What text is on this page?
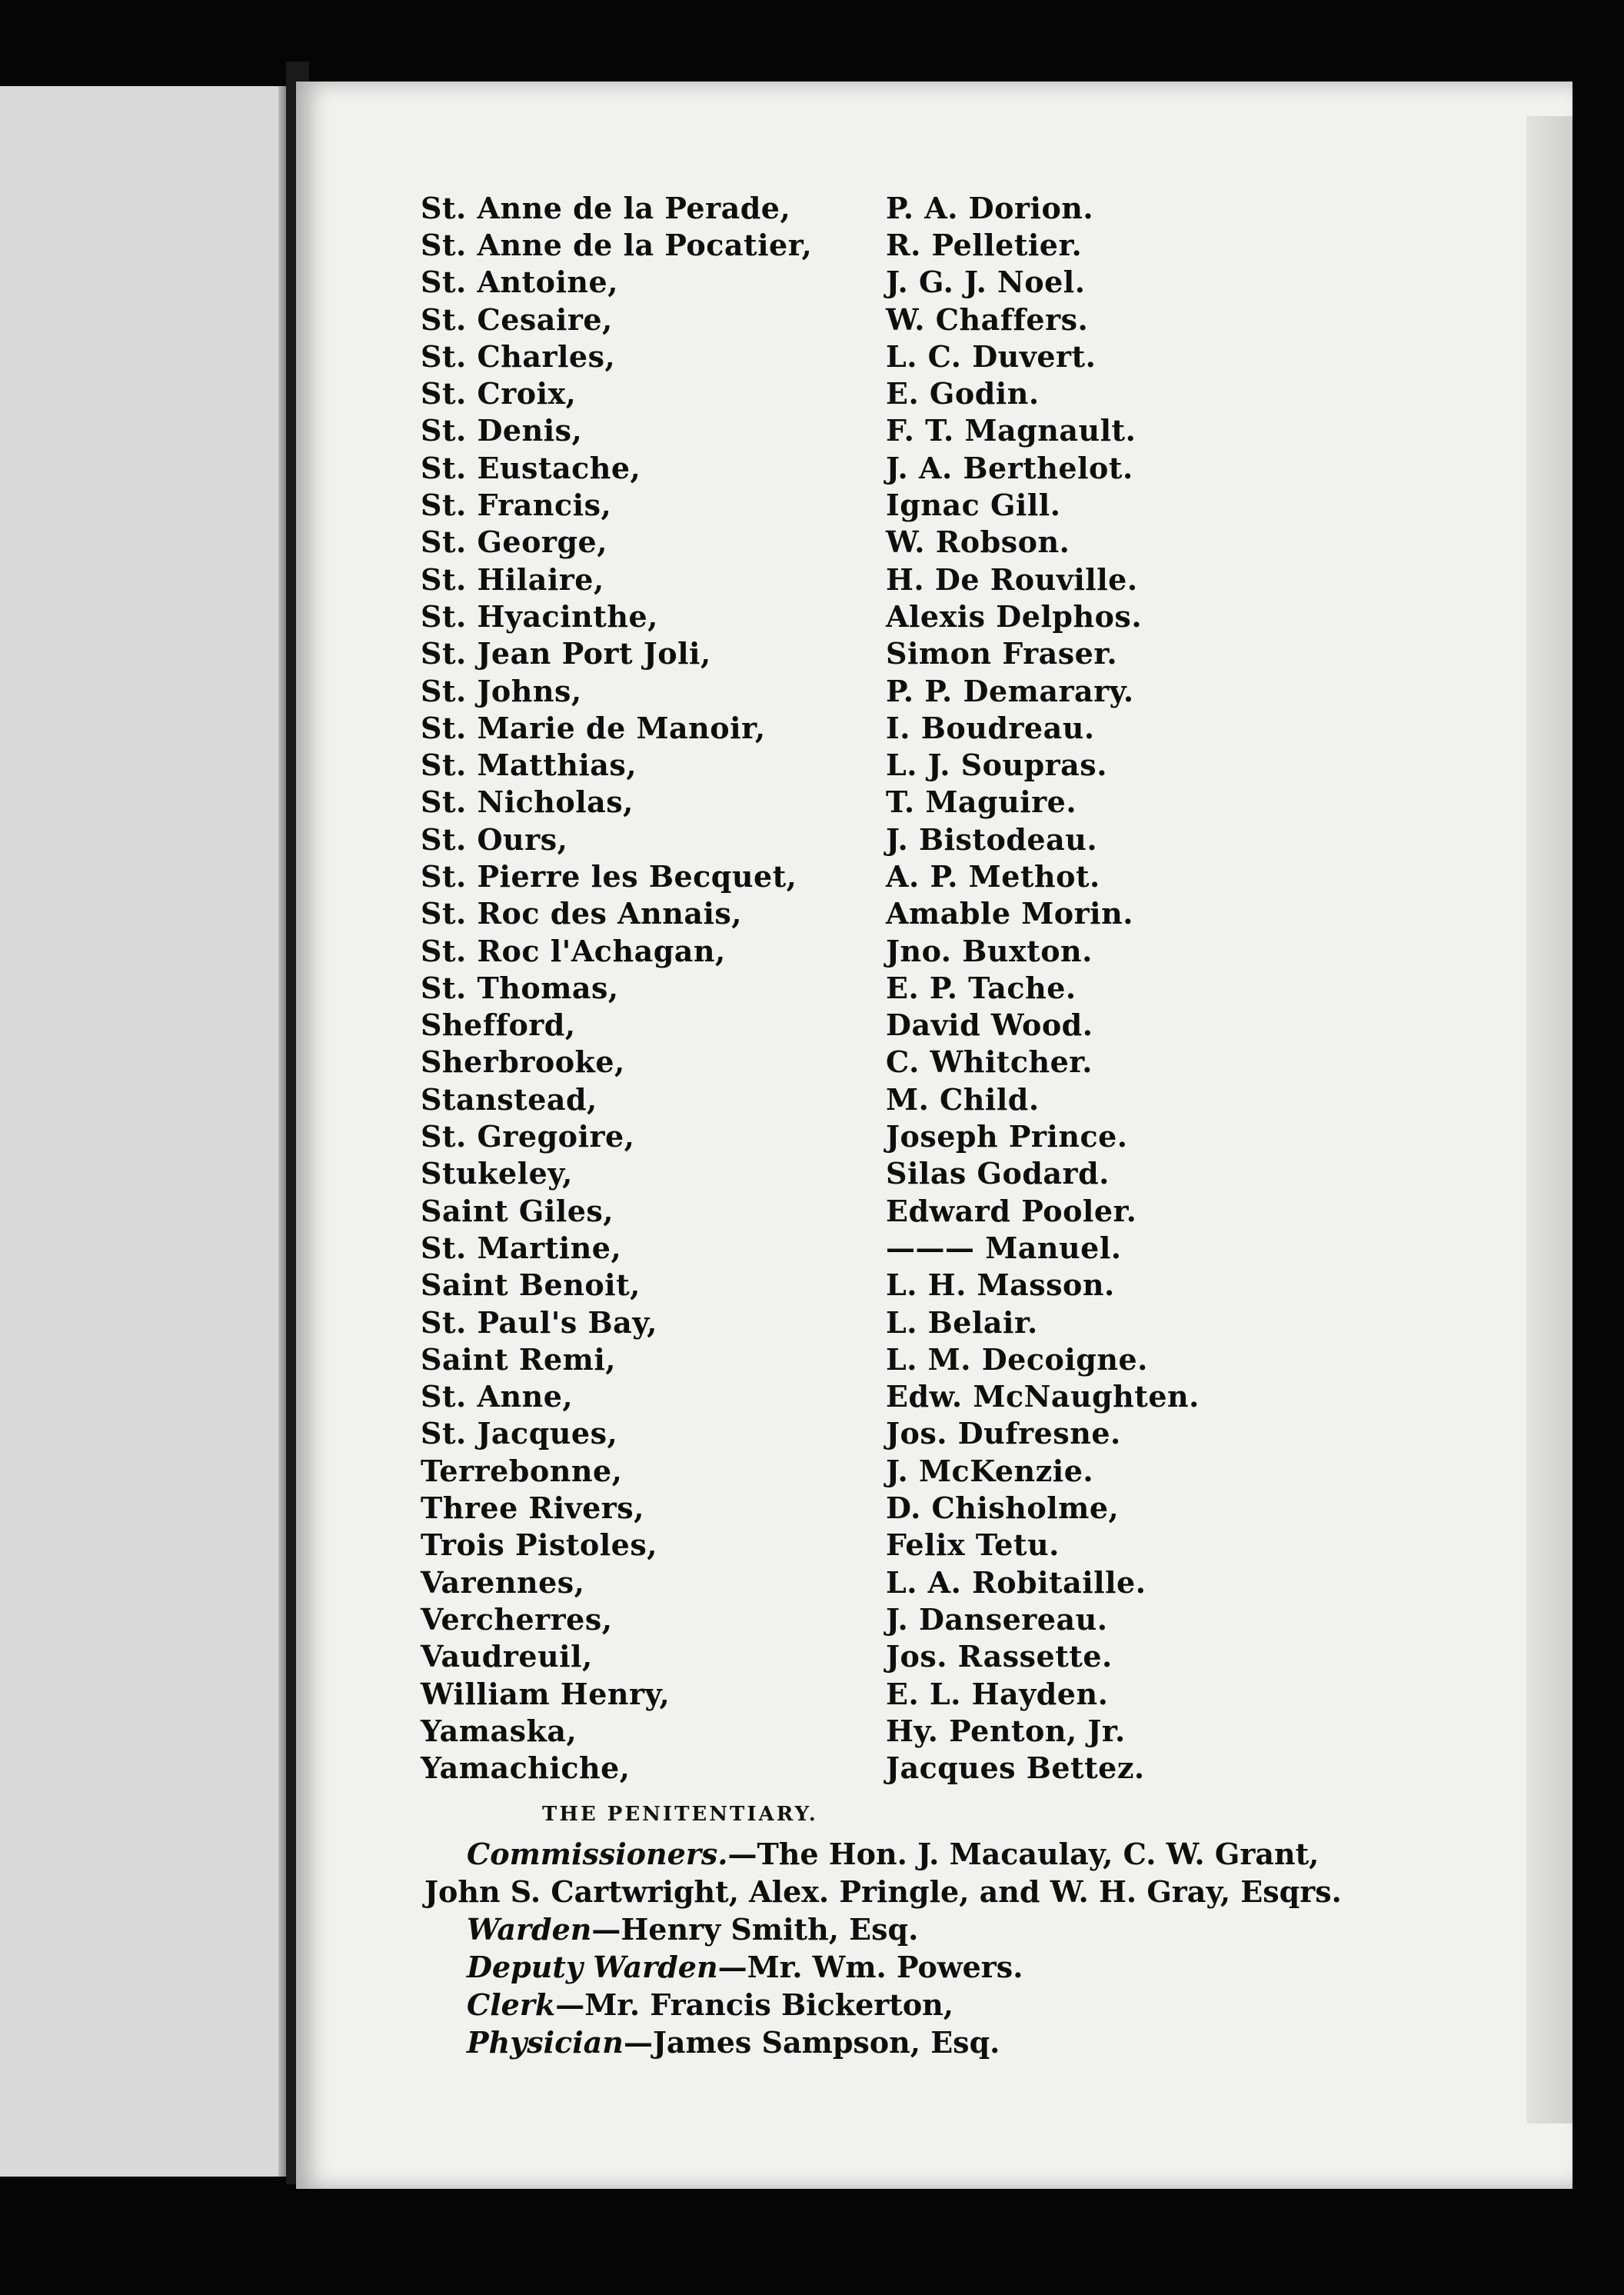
St. Anne de la Perade,	P. A. Dorion.
St. Anne de la Pocatier,	R. Pelletier.
St. Antoine,	J. G. J. Noel.
St. Cesaire,	W. Chaffers.
St. Charles,	L. C. Duvert.
St. Croix,	E. Godin.
St. Denis,	F. T. Magnault.
St. Eustache,	J. A. Berthelot.
St. Francis,	Ignac Gill.
St. George,	W. Robson.
St. Hilaire,	H. De Rouville.
St. Hyacinthe,	Alexis Delphos.
St. Jean Port Joli,	Simon Fraser.
St. Johns,	P. P. Demarary.
St. Marie de Manoir,	I. Boudreau.
St. Matthias,	L. J. Soupras.
St. Nicholas,	T. Maguire.
St. Ours,	J. Bistodeau.
St. Pierre les Becquet,	A. P. Methot.
St. Roc des Annais,	Amable Morin.
St. Roc l'Achagan,	Jno. Buxton.
St. Thomas,	E. P. Tache.
Shefford,	David Wood.
Sherbrooke,	C. Whitcher.
Stanstead,	M. Child.
St. Gregoire,	Joseph Prince.
Stukeley,	Silas Godard.
Saint Giles,	Edward Pooler.
St. Martine,	——— Manuel.
Saint Benoit,	L. H. Masson.
St. Paul's Bay,	L. Belair.
Saint Remi,	L. M. Decoigne.
St. Anne,	Edw. McNaughten.
St. Jacques,	Jos. Dufresne.
Terrebonne,	J. McKenzie.
Three Rivers,	D. Chisholme,
Trois Pistoles,	Felix Tetu.
Varennes,	L. A. Robitaille.
Vercherres,	J. Dansereau.
Vaudreuil,	Jos. Rassette.
William Henry,	E. L. Hayden.
Yamaska,	Hy. Penton, Jr.
Yamachiche,	Jacques Bettez.
THE PENITENTIARY.
Commissioners.—The Hon. J. Macaulay, C. W. Grant,
John S. Cartwright, Alex. Pringle, and W. H. Gray, Esqrs.
Warden—Henry Smith, Esq.
Deputy Warden—Mr. Wm. Powers.
Clerk—Mr. Francis Bickerton,
Physician—James Sampson, Esq.
